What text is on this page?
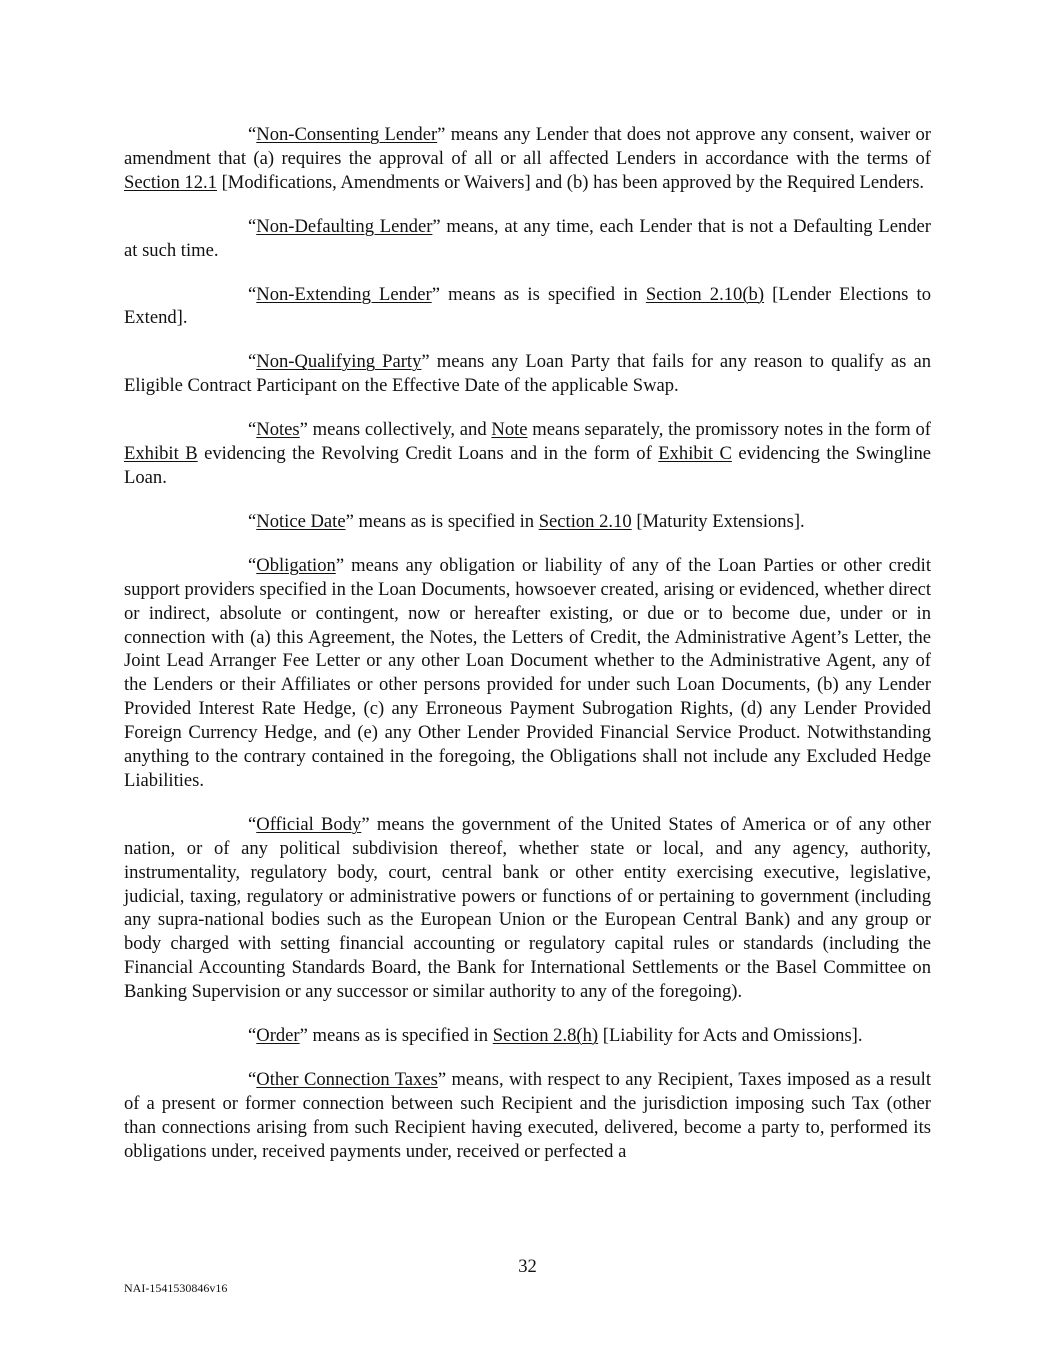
“Non-Consenting Lender” means any Lender that does not approve any consent, waiver or amendment that (a) requires the approval of all or all affected Lenders in accordance with the terms of Section 12.1 [Modifications, Amendments or Waivers] and (b) has been approved by the Required Lenders.

“Non-Defaulting Lender” means, at any time, each Lender that is not a Defaulting Lender at such time.

“Non-Extending Lender” means as is specified in Section 2.10(b) [Lender Elections to Extend].

“Non-Qualifying Party” means any Loan Party that fails for any reason to qualify as an Eligible Contract Participant on the Effective Date of the applicable Swap.

“Notes” means collectively, and Note means separately, the promissory notes in the form of Exhibit B evidencing the Revolving Credit Loans and in the form of Exhibit C evidencing the Swingline Loan.

“Notice Date” means as is specified in Section 2.10 [Maturity Extensions].

“Obligation” means any obligation or liability of any of the Loan Parties or other credit support providers specified in the Loan Documents, howsoever created, arising or evidenced, whether direct or indirect, absolute or contingent, now or hereafter existing, or due or to become due, under or in connection with (a) this Agreement, the Notes, the Letters of Credit, the Administrative Agent’s Letter, the Joint Lead Arranger Fee Letter or any other Loan Document whether to the Administrative Agent, any of the Lenders or their Affiliates or other persons provided for under such Loan Documents, (b) any Lender Provided Interest Rate Hedge, (c) any Erroneous Payment Subrogation Rights, (d) any Lender Provided Foreign Currency Hedge, and (e) any Other Lender Provided Financial Service Product. Notwithstanding anything to the contrary contained in the foregoing, the Obligations shall not include any Excluded Hedge Liabilities.

“Official Body” means the government of the United States of America or of any other nation, or of any political subdivision thereof, whether state or local, and any agency, authority, instrumentality, regulatory body, court, central bank or other entity exercising executive, legislative, judicial, taxing, regulatory or administrative powers or functions of or pertaining to government (including any supra-national bodies such as the European Union or the European Central Bank) and any group or body charged with setting financial accounting or regulatory capital rules or standards (including the Financial Accounting Standards Board, the Bank for International Settlements or the Basel Committee on Banking Supervision or any successor or similar authority to any of the foregoing).

“Order” means as is specified in Section 2.8(h) [Liability for Acts and Omissions].

“Other Connection Taxes” means, with respect to any Recipient, Taxes imposed as a result of a present or former connection between such Recipient and the jurisdiction imposing such Tax (other than connections arising from such Recipient having executed, delivered, become a party to, performed its obligations under, received payments under, received or perfected a

32
NAI-1541530846v16
